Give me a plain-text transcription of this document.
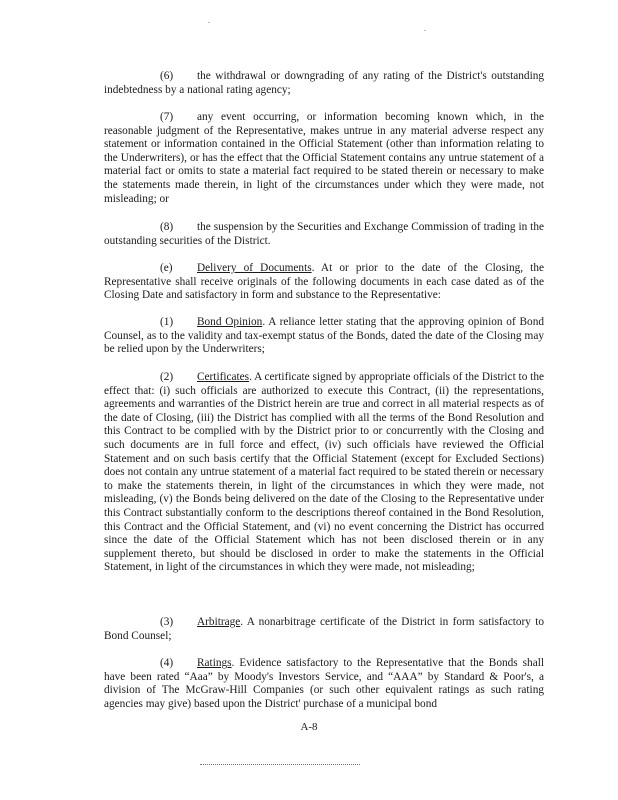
.
.

(6) the withdrawal or downgrading of any rating of the District's outstanding indebtedness by a national rating agency;

(7) any event occurring, or information becoming known which, in the reasonable judgment of the Representative, makes untrue in any material adverse respect any statement or information contained in the Official Statement (other than information relating to the Underwriters), or has the effect that the Official Statement contains any untrue statement of a material fact or omits to state a material fact required to be stated therein or necessary to make the statements made therein, in light of the circumstances under which they were made, not misleading; or

(8) the suspension by the Securities and Exchange Commission of trading in the outstanding securities of the District.

(e) Delivery of Documents. At or prior to the date of the Closing, the Representative shall receive originals of the following documents in each case dated as of the Closing Date and satisfactory in form and substance to the Representative:

(1) Bond Opinion. A reliance letter stating that the approving opinion of Bond Counsel, as to the validity and tax-exempt status of the Bonds, dated the date of the Closing may be relied upon by the Underwriters;

(2) Certificates. A certificate signed by appropriate officials of the District to the effect that: (i) such officials are authorized to execute this Contract, (ii) the representations, agreements and warranties of the District herein are true and correct in all material respects as of the date of Closing, (iii) the District has complied with all the terms of the Bond Resolution and this Contract to be complied with by the District prior to or concurrently with the Closing and such documents are in full force and effect, (iv) such officials have reviewed the Official Statement and on such basis certify that the Official Statement (except for Excluded Sections) does not contain any untrue statement of a material fact required to be stated therein or necessary to make the statements therein, in light of the circumstances in which they were made, not misleading, (v) the Bonds being delivered on the date of the Closing to the Representative under this Contract substantially conform to the descriptions thereof contained in the Bond Resolution, this Contract and the Official Statement, and (vi) no event concerning the District has occurred since the date of the Official Statement which has not been disclosed therein or in any supplement thereto, but should be disclosed in order to make the statements in the Official Statement, in light of the circumstances in which they were made, not misleading;

(3) Arbitrage. A nonarbitrage certificate of the District in form satisfactory to Bond Counsel;

(4) Ratings. Evidence satisfactory to the Representative that the Bonds shall have been rated “Aaa” by Moody's Investors Service, and “AAA” by Standard & Poor's, a division of The McGraw-Hill Companies (or such other equivalent ratings as such rating agencies may give) based upon the District' purchase of a municipal bond

A-8
